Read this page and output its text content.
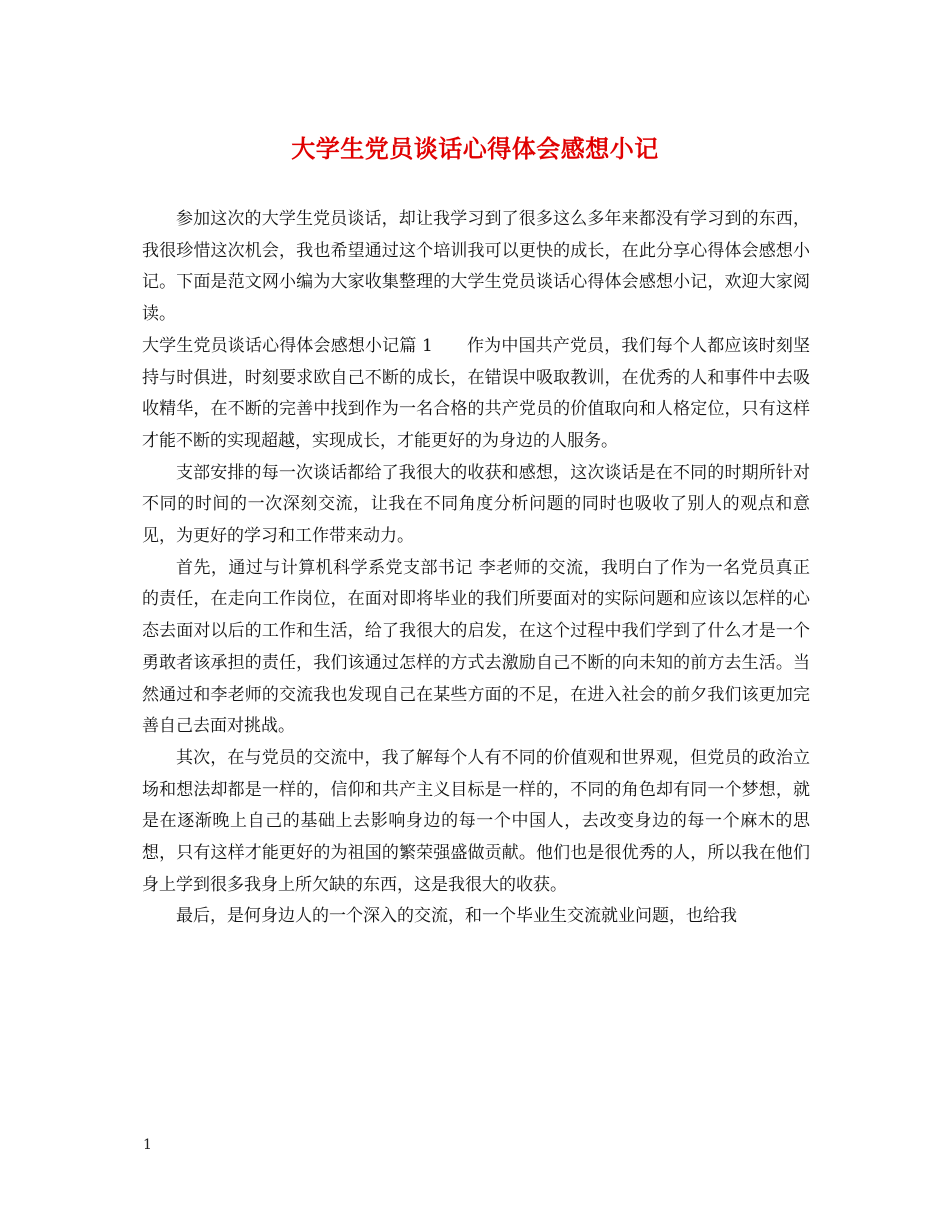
大学生党员谈话心得体会感想小记

参加这次的大学生党员谈话，却让我学习到了很多这么多年来都没有学习到的东西，我很珍惜这次机会，我也希望通过这个培训我可以更快的成长，在此分享心得体会感想小记。下面是范文网小编为大家收集整理的大学生党员谈话心得体会感想小记，欢迎大家阅读。

大学生党员谈话心得体会感想小记篇 1 作为中国共产党员，我们每个人都应该时刻坚持与时俱进，时刻要求欧自己不断的成长，在错误中吸取教训，在优秀的人和事件中去吸收精华，在不断的完善中找到作为一名合格的共产党员的价值取向和人格定位，只有这样才能不断的实现超越，实现成长，才能更好的为身边的人服务。

支部安排的每一次谈话都给了我很大的收获和感想，这次谈话是在不同的时期所针对不同的时间的一次深刻交流，让我在不同角度分析问题的同时也吸收了别人的观点和意见，为更好的学习和工作带来动力。

首先，通过与计算机科学系党支部书记 李老师的交流，我明白了作为一名党员真正的责任，在走向工作岗位，在面对即将毕业的我们所要面对的实际问题和应该以怎样的心态去面对以后的工作和生活，给了我很大的启发，在这个过程中我们学到了什么才是一个勇敢者该承担的责任，我们该通过怎样的方式去激励自己不断的向未知的前方去生活。当然通过和李老师的交流我也发现自己在某些方面的不足，在进入社会的前夕我们该更加完善自己去面对挑战。

其次，在与党员的交流中，我了解每个人有不同的价值观和世界观，但党员的政治立场和想法却都是一样的，信仰和共产主义目标是一样的，不同的角色却有同一个梦想，就是在逐渐晚上自己的基础上去影响身边的每一个中国人，去改变身边的每一个麻木的思想，只有这样才能更好的为祖国的繁荣强盛做贡献。他们也是很优秀的人，所以我在他们身上学到很多我身上所欠缺的东西，这是我很大的收获。

最后，是何身边人的一个深入的交流，和一个毕业生交流就业问题，也给我

1
